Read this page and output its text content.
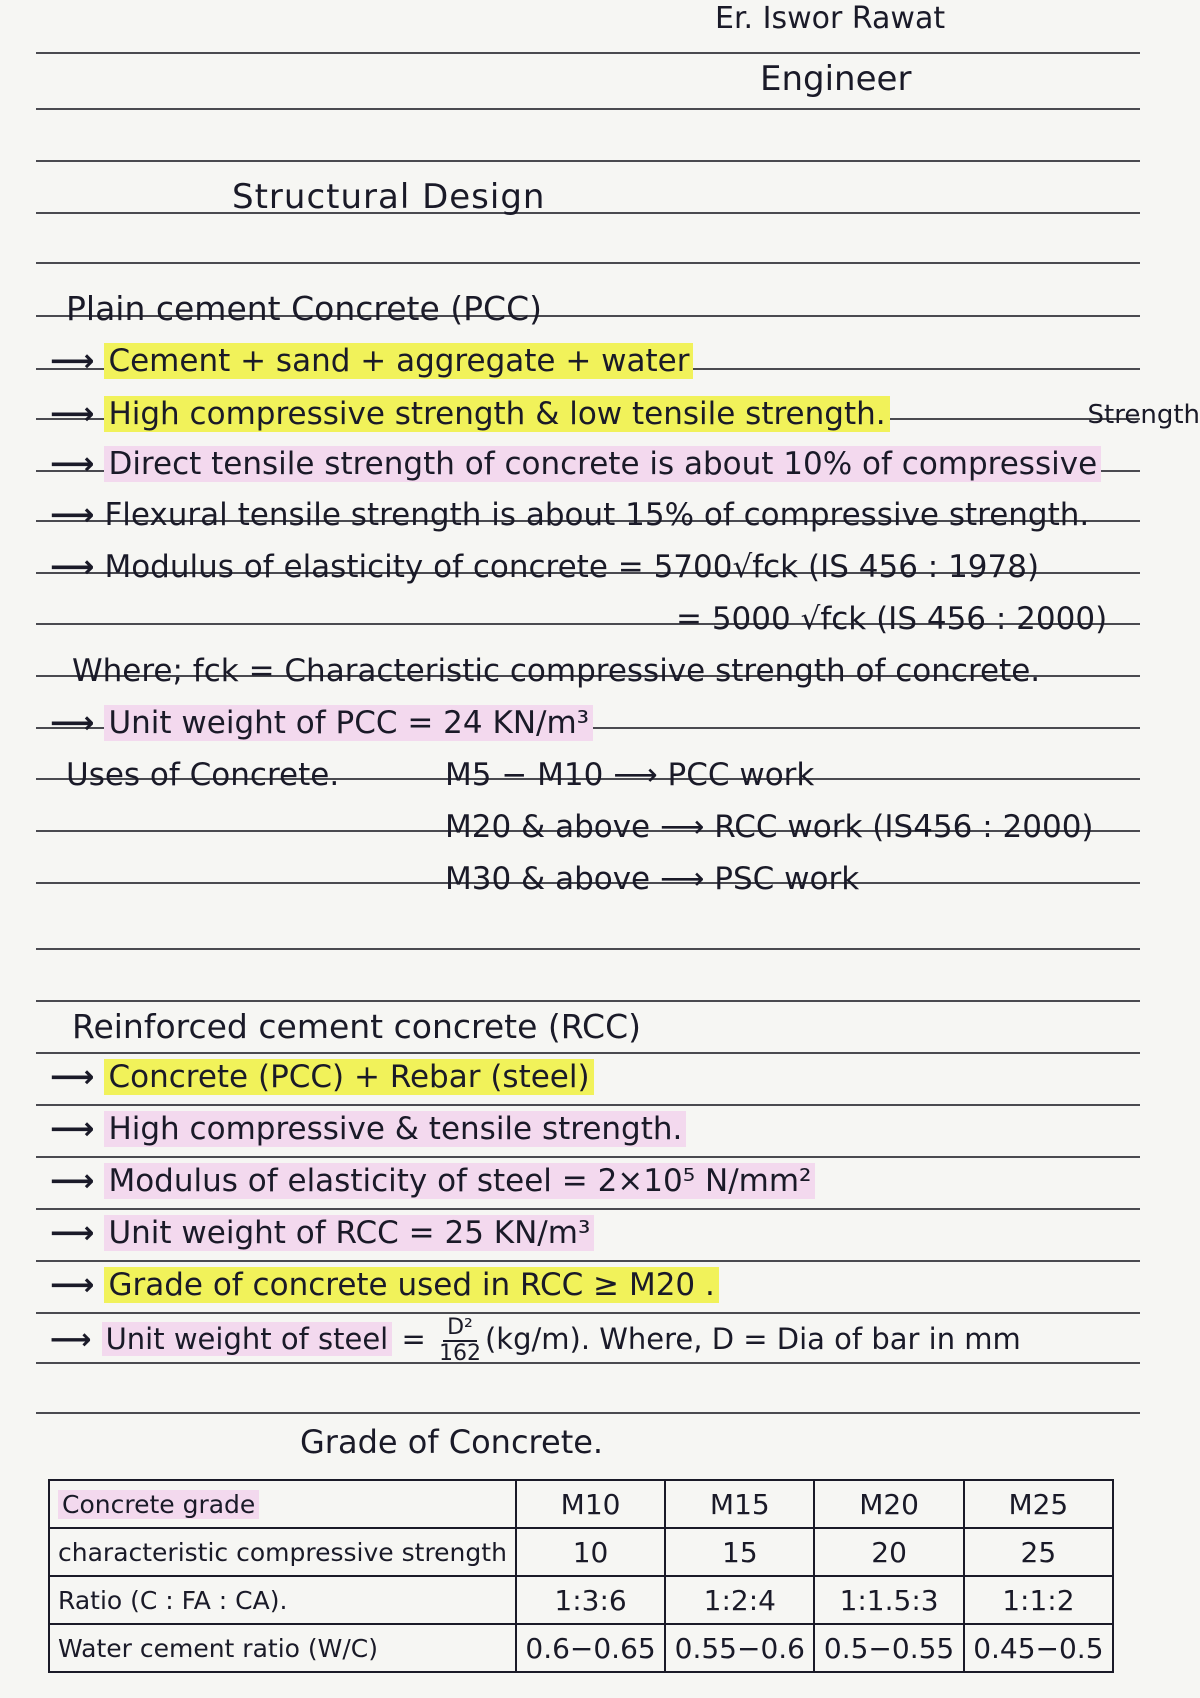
Er. Iswor Rawat
Engineer
Structural Design
Plain cement Concrete (PCC)
⟶ Cement + sand + aggregate + water
⟶ High compressive strength & low tensile strength.	Strength
⟶ Direct tensile strength of concrete is about 10% of compressive
⟶ Flexural tensile strength is about 15% of compressive strength.
⟶ Modulus of elasticity of concrete = 5700√fck (IS 456 : 1978)
= 5000 √fck (IS 456 : 2000)
Where; fck = Characteristic compressive strength of concrete.
⟶ Unit weight of PCC = 24 KN/m³
Uses of Concrete.	M5 − M10 ⟶ PCC work
M20 & above ⟶ RCC work (IS456 : 2000)
M30 & above ⟶ PSC work
Reinforced cement concrete (RCC)
⟶ Concrete (PCC) + Rebar (steel)
⟶ High compressive & tensile strength.
⟶ Modulus of elasticity of steel = 2×10⁵ N/mm²
⟶ Unit weight of RCC = 25 KN/m³
⟶ Grade of concrete used in RCC ≥ M20 .
⟶ Unit weight of steel = $\frac{\text{D²}}{162} (kg/m)$. Where, D = Dia of bar in mm
Grade of Concrete.
Concrete grade	M10	M15	M20	M25
characteristic compressive strength	10	15	20	25
Ratio (C : FA : CA).	1:3:6	1:2:4	1:1.5:3	1:1:2
Water cement ratio (W/C)	0.6−0.65	0.55−0.6	0.5−0.55	0.45−0.5
